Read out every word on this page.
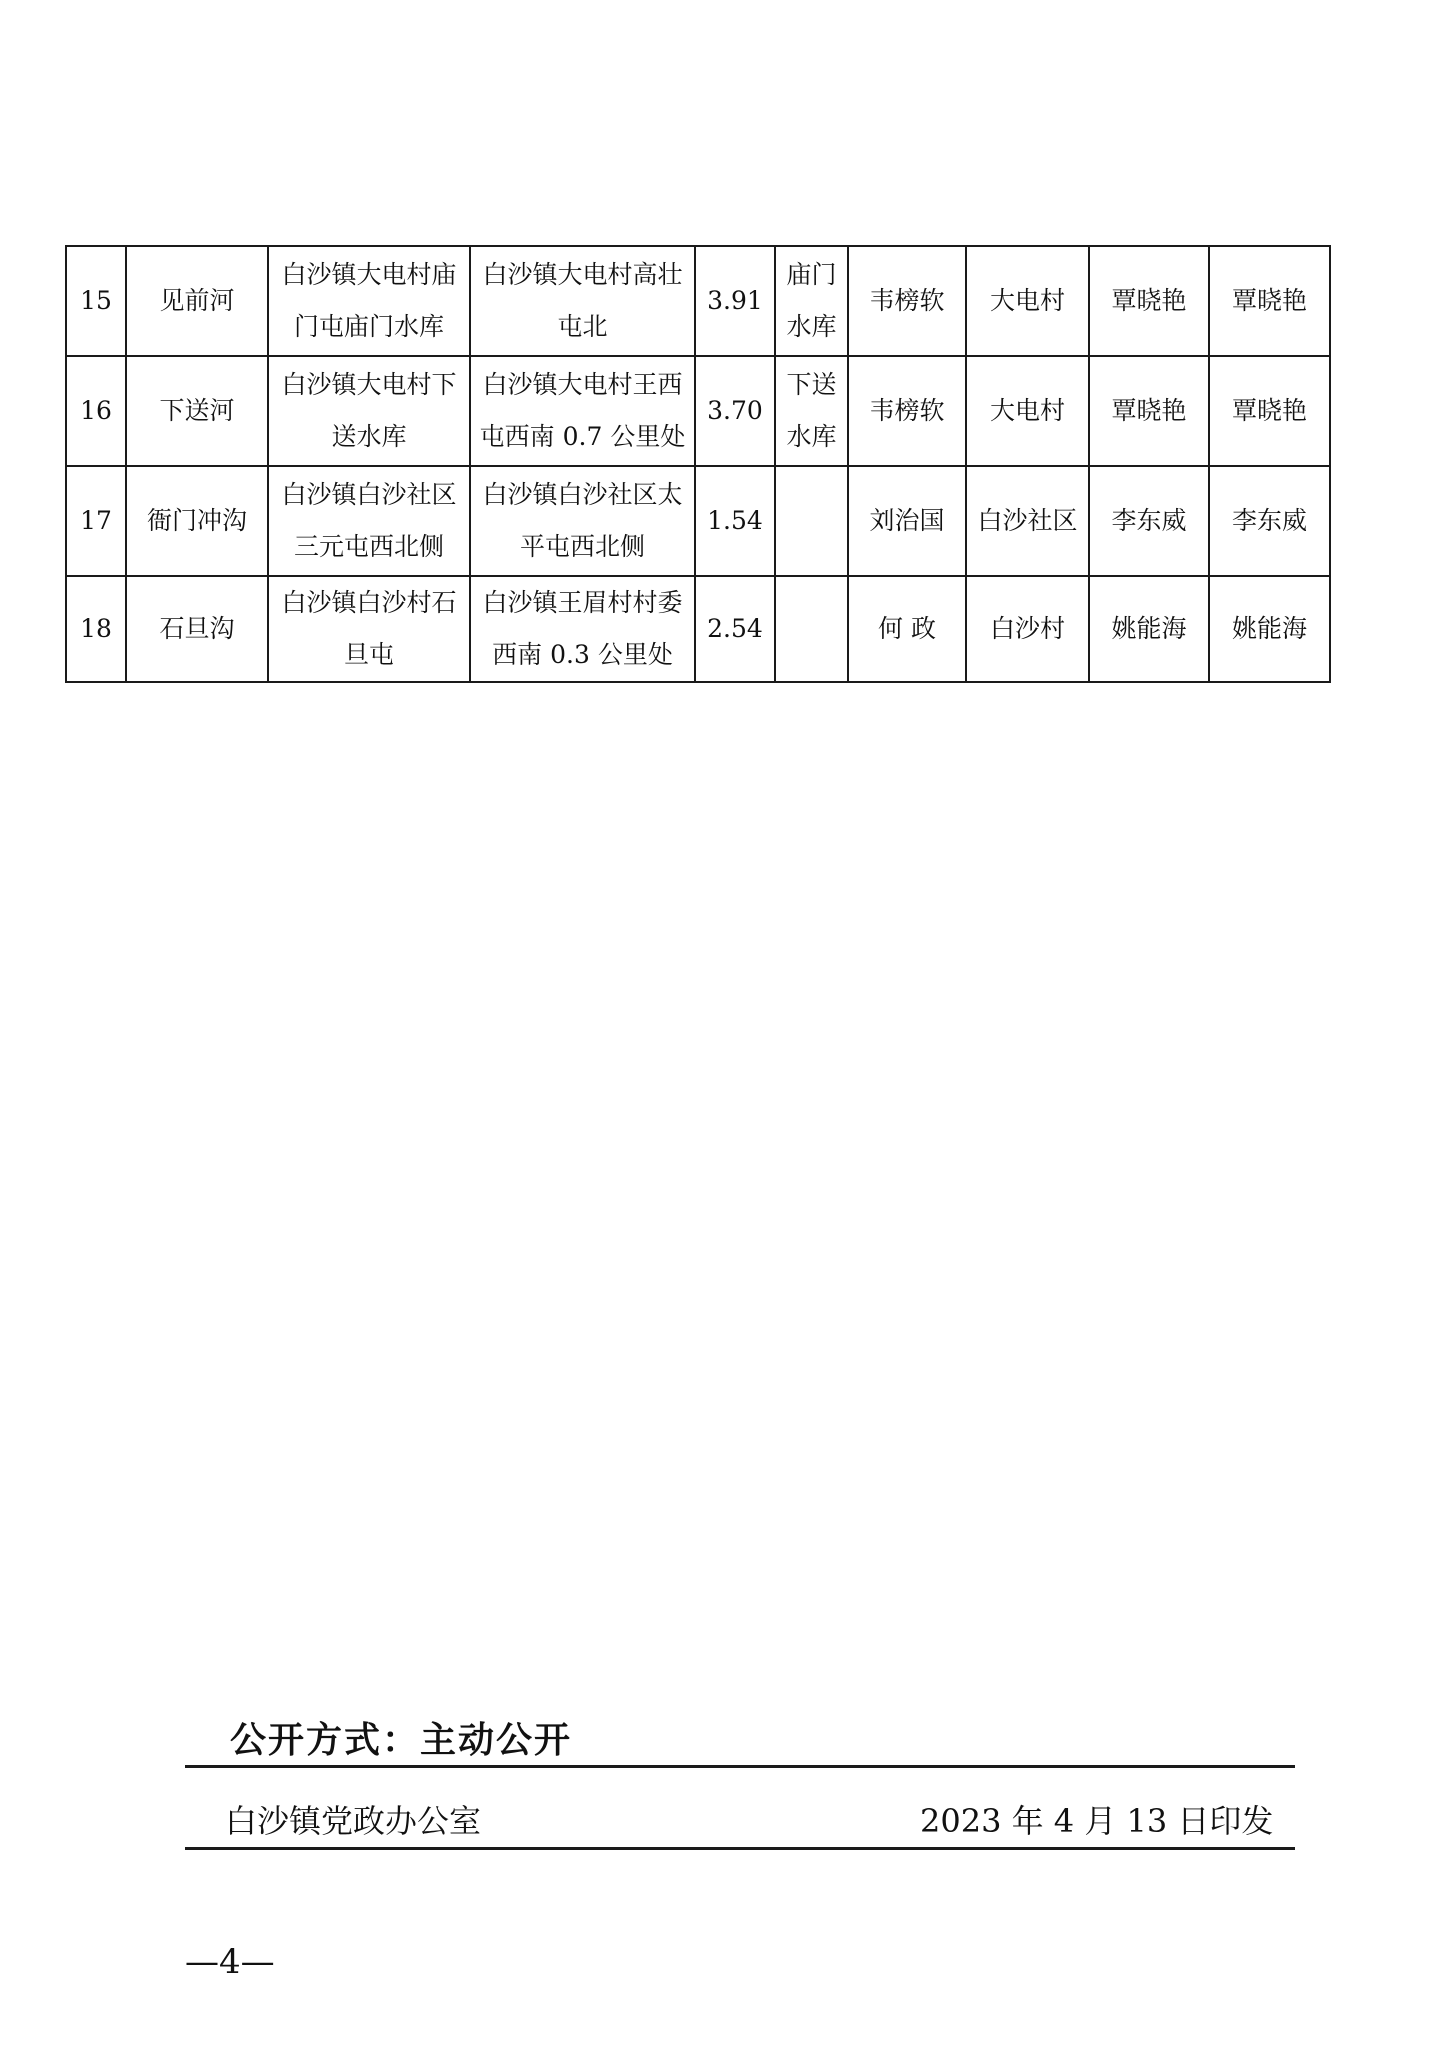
15	见前河	白沙镇大电村庙门屯庙门水库	白沙镇大电村高壮屯北	3.91	庙门水库	韦榜软	大电村	覃晓艳	覃晓艳
16	下送河	白沙镇大电村下送水库	白沙镇大电村王西屯西南 0.7 公里处	3.70	下送水库	韦榜软	大电村	覃晓艳	覃晓艳
17	衙门冲沟	白沙镇白沙社区三元屯西北侧	白沙镇白沙社区太平屯西北侧	1.54		刘治国	白沙社区	李东威	李东威
18	石旦沟	白沙镇白沙村石旦屯	白沙镇王眉村村委西南 0.3 公里处	2.54		何 政	白沙村	姚能海	姚能海
公开方式：主动公开
白沙镇党政办公室	2023 年 4 月 13 日印发
—4—
